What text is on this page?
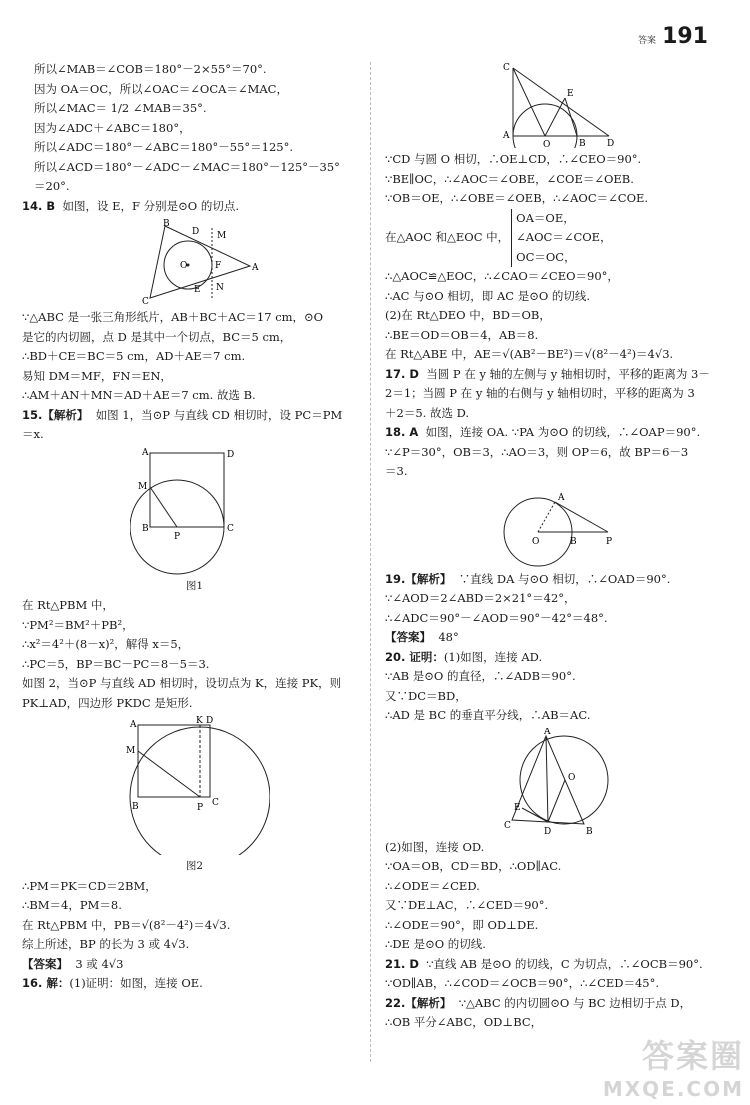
答案 191
所以∠MAB＝∠COB＝180°－2×55°＝70°.
因为 OA＝OC，所以∠OAC＝∠OCA＝∠MAC，
所以∠MAC＝ 1/2 ∠MAB＝35°.
因为∠ADC＋∠ABC＝180°，
所以∠ADC＝180°－∠ABC＝180°－55°＝125°.
所以∠ACD＝180°－∠ADC－∠MAC＝180°－125°－35°
＝20°.
14. B 如图，设 E，F 分别是⊙O 的切点.
B
D M
O	F	A
E N
C
∵△ABC 是一张三角形纸片，AB＋BC＋AC＝17 cm，⊙O
是它的内切圆，点 D 是其中一个切点，BC＝5 cm，
∴BD＋CE＝BC＝5 cm，AD＋AE＝7 cm.
易知 DM＝MF，FN＝EN，
∴AM＋AN＋MN＝AD＋AE＝7 cm. 故选 B.
15.【解析】 如图 1，当⊙P 与直线 CD 相切时，设 PC＝PM
＝x.
A	D
M
B
P
C
图1
在 Rt△PBM 中，
∵PM²＝BM²＋PB²，
∴x²＝4²＋(8－x)²，解得 x＝5，
∴PC＝5，BP＝BC－PC＝8－5＝3.
如图 2，当⊙P 与直线 AD 相切时，设切点为 K，连接 PK，则
PK⊥AD，四边形 PKDC 是矩形.
A	K D
M
B	P C
图2
∴PM＝PK＝CD＝2BM，
∴BM＝4，PM＝8.
在 Rt△PBM 中，PB＝√(8²－4²)＝4√3.
综上所述，BP 的长为 3 或 4√3.
【答案】 3 或 4√3
16. 解：(1)证明：如图，连接 OE.
C
E
A
O	B D
∵CD 与圆 O 相切，∴OE⊥CD，∴∠CEO＝90°.
∵BE∥OC，∴∠AOC＝∠OBE，∠COE＝∠OEB.
∵OB＝OE，∴∠OBE＝∠OEB，∴∠AOC＝∠COE.
在△AOC 和△EOC 中，
OA＝OE，
∠AOC＝∠COE，
OC＝OC，
∴△AOC≌△EOC，∴∠CAO＝∠CEO＝90°，
∴AC 与⊙O 相切，即 AC 是⊙O 的切线.
(2)在 Rt△DEO 中，BD＝OB，
∴BE＝OD＝OB＝4，AB＝8.
在 Rt△ABE 中，AE＝√(AB²－BE²)＝√(8²－4²)＝4√3.
17. D 当圆 P 在 y 轴的左侧与 y 轴相切时，平移的距离为 3－
2＝1；当圆 P 在 y 轴的右侧与 y 轴相切时，平移的距离为 3
＋2＝5. 故选 D.
18. A 如图，连接 OA. ∵PA 为⊙O 的切线，∴∠OAP＝90°.
∵∠P＝30°，OB＝3，∴AO＝3，则 OP＝6，故 BP＝6－3
＝3.
A
O	B	P
19.【解析】 ∵直线 DA 与⊙O 相切，∴∠OAD＝90°.
∵∠AOD＝2∠ABD＝2×21°＝42°，
∴∠ADC＝90°－∠AOD＝90°－42°＝48°.
【答案】 48°
20. 证明：(1)如图，连接 AD.
∵AB 是⊙O 的直径，∴∠ADB＝90°.
又∵DC＝BD，
∴AD 是 BC 的垂直平分线，∴AB＝AC.
A
O
E
C
D	B
(2)如图，连接 OD.
∵OA＝OB，CD＝BD，∴OD∥AC.
∴∠ODE＝∠CED.
又∵DE⊥AC，∴∠CED＝90°.
∴∠ODE＝90°，即 OD⊥DE.
∴DE 是⊙O 的切线.
21. D ∵直线 AB 是⊙O 的切线，C 为切点，∴∠OCB＝90°.
∵OD∥AB，∴∠COD＝∠OCB＝90°，∴∠CED＝45°.
22.【解析】 ∵△ABC 的内切圆⊙O 与 BC 边相切于点 D，
∴OB 平分∠ABC，OD⊥BC，
答案圈
MXQE.COM
